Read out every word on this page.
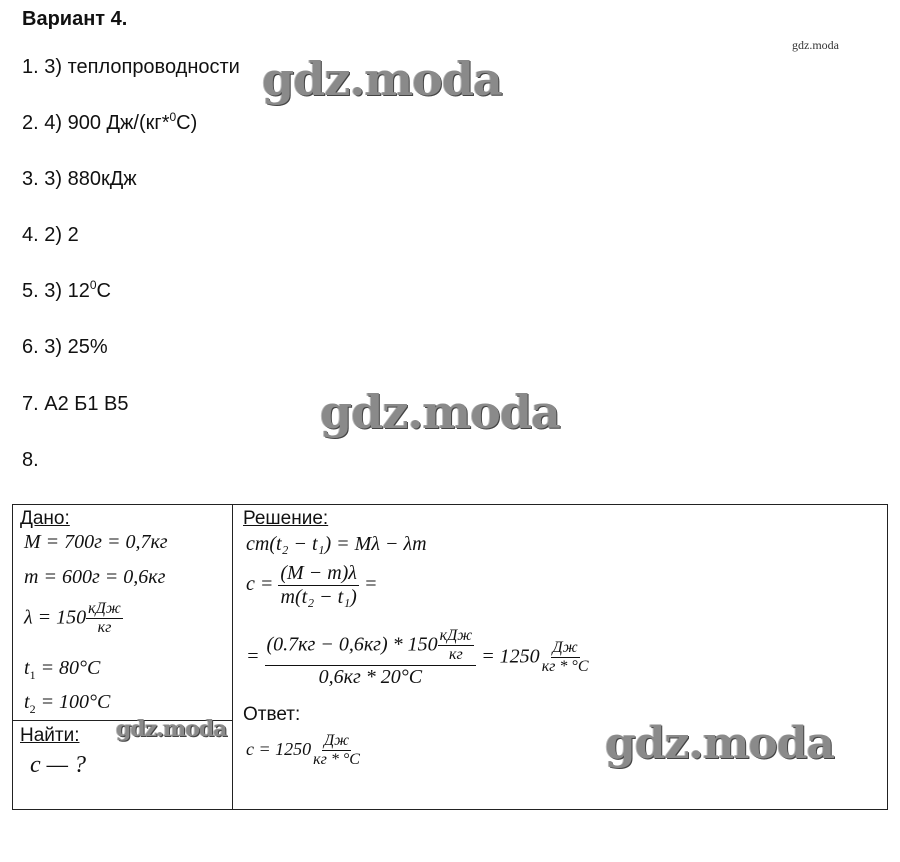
Вариант 4.
1. 3) теплопроводности
2. 4) 900 Дж/(кг*$^0$С)
3. 3) 880кДж
4. 2) 2
5. 3) $12^0С$
6. 3) 25%
7. А2 Б1 В5
8.
gdz.moda
gdz.moda
gdz.moda
Дано:
M = 700г = 0,7кг
m = 600г = 0,6кг
$\lambda = 150 \frac{\text{кДж}}{кг}$
$t_1 = 80^\circ C$
$t_2 = 100^\circ C$
Найти:
c — ?
gdz.moda
Решение:
cm(t₂ − t₁) = Mλ − λm
$c = \frac{(M - m)\lambda}{\text{m(t₂ − t₁)}}$ =
= $\frac{(0.7кг - 0,6кг) * 150 \frac{\text{кДж}}{кг}}{0,6кг * 20^\circ C} = 1250 \frac{Дж}{кг * ^\circ C}$
Ответ:
$c = 1250 \frac{Дж}{кг * ^\circ C}$	gdz.moda
